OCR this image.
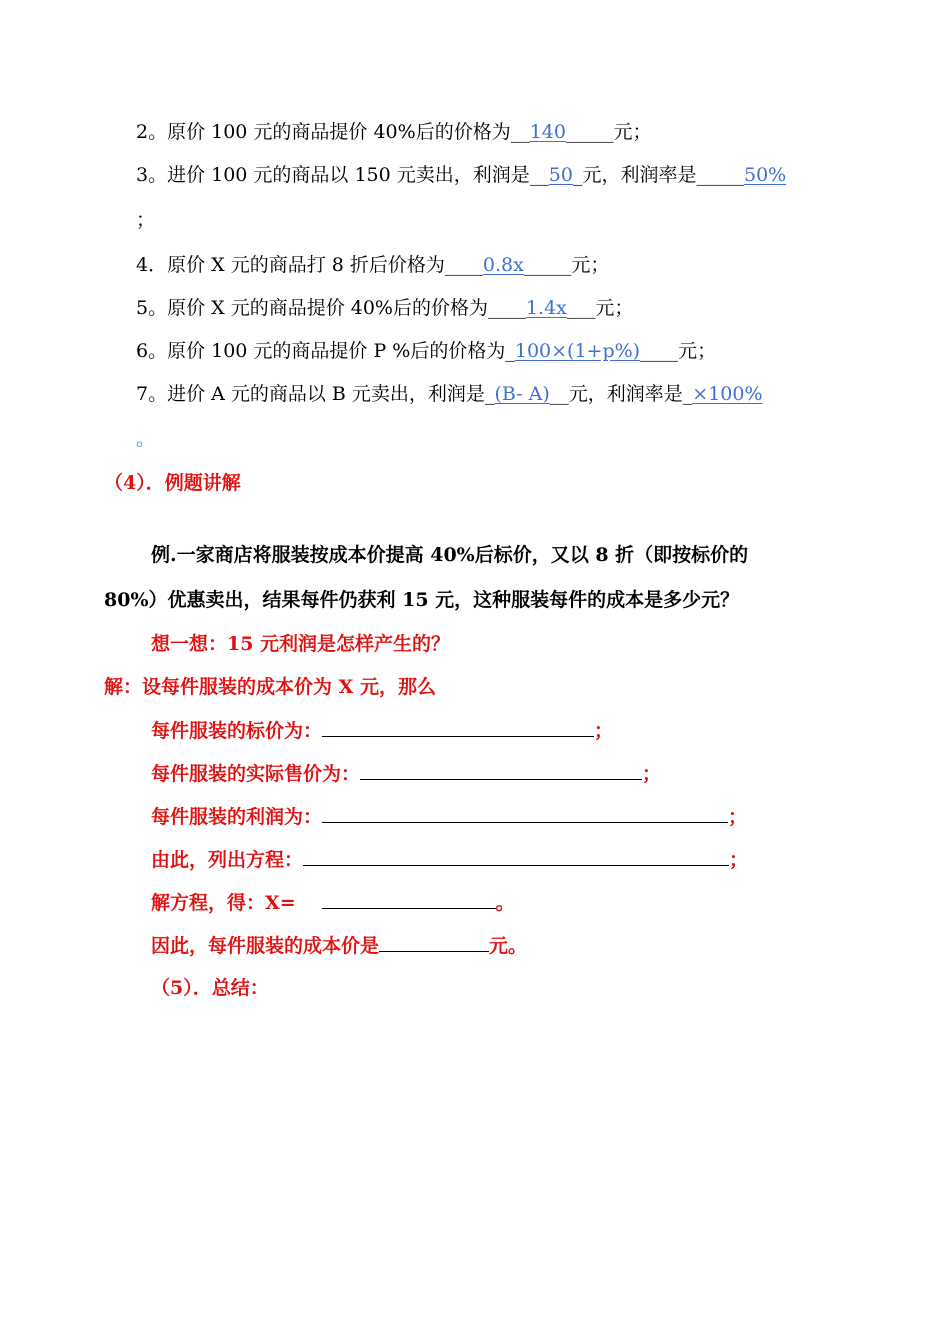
2。原价 100 元的商品提价 40%后的价格为__140_____元；
3。进价 100 元的商品以 150 元卖出，利润是__50_元，利润率是_____50%
；
4．原价 X 元的商品打 8 折后价格为____0.8x_____元；
5。原价 X 元的商品提价 40%后的价格为____1.4x___元；
6。原价 100 元的商品提价 P %后的价格为_100×(1+p%)____元；
7。进价 A 元的商品以 B 元卖出，利润是_(B- A)__元，利润率是_×100%
。
（4）．例题讲解
例.一家商店将服装按成本价提高 40%后标价，又以 8 折（即按标价的
80%）优惠卖出，结果每件仍获利 15 元，这种服装每件的成本是多少元？
想一想：15 元利润是怎样产生的？
解：设每件服装的成本价为 X 元，那么
每件服装的标价为：	；
每件服装的实际售价为：	；
每件服装的利润为：	；
由此，列出方程：	；
解方程，得：X=	。
因此，每件服装的成本价是	元。
（5）．总结：
